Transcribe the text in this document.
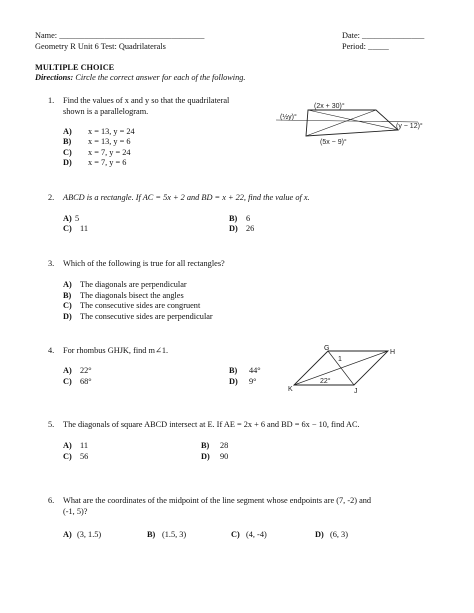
Name: ___________________________________	Date: _______________
Geometry R Unit 6 Test: Quadrilaterals	Period: _____
MULTIPLE CHOICE
Directions: Circle the correct answer for each of the following.
1. Find the values of x and y so that the quadrilateral
shown is a parallelogram.
A) x = 13, y = 24
B) x = 13, y = 6
C) x = 7, y = 24
D) x = 7, y = 6
(2x + 30)°
(½y)°
(y − 12)°
(5x − 9)°
2. ABCD is a rectangle. If AC = 5x + 2 and BD = x + 22, find the value of x.
A) 5	B) 6
C) 11	D) 26
3. Which of the following is true for all rectangles?
A) The diagonals are perpendicular
B) The diagonals bisect the angles
C) The consecutive sides are congruent
D) The consecutive sides are perpendicular
4. For rhombus GHJK, find m∠1.
A) 22°	B) 44°
C) 68°	D) 9°
G
H
J
K
1
22°
5. The diagonals of square ABCD intersect at E. If AE = 2x + 6 and BD = 6x − 10, find AC.
A) 11	B) 28
C) 56	D) 90
6. What are the coordinates of the midpoint of the line segment whose endpoints are (7, -2) and
(-1, 5)?
A) (3, 1.5)	B) (1.5, 3)	C) (4, -4)	D) (6, 3)
